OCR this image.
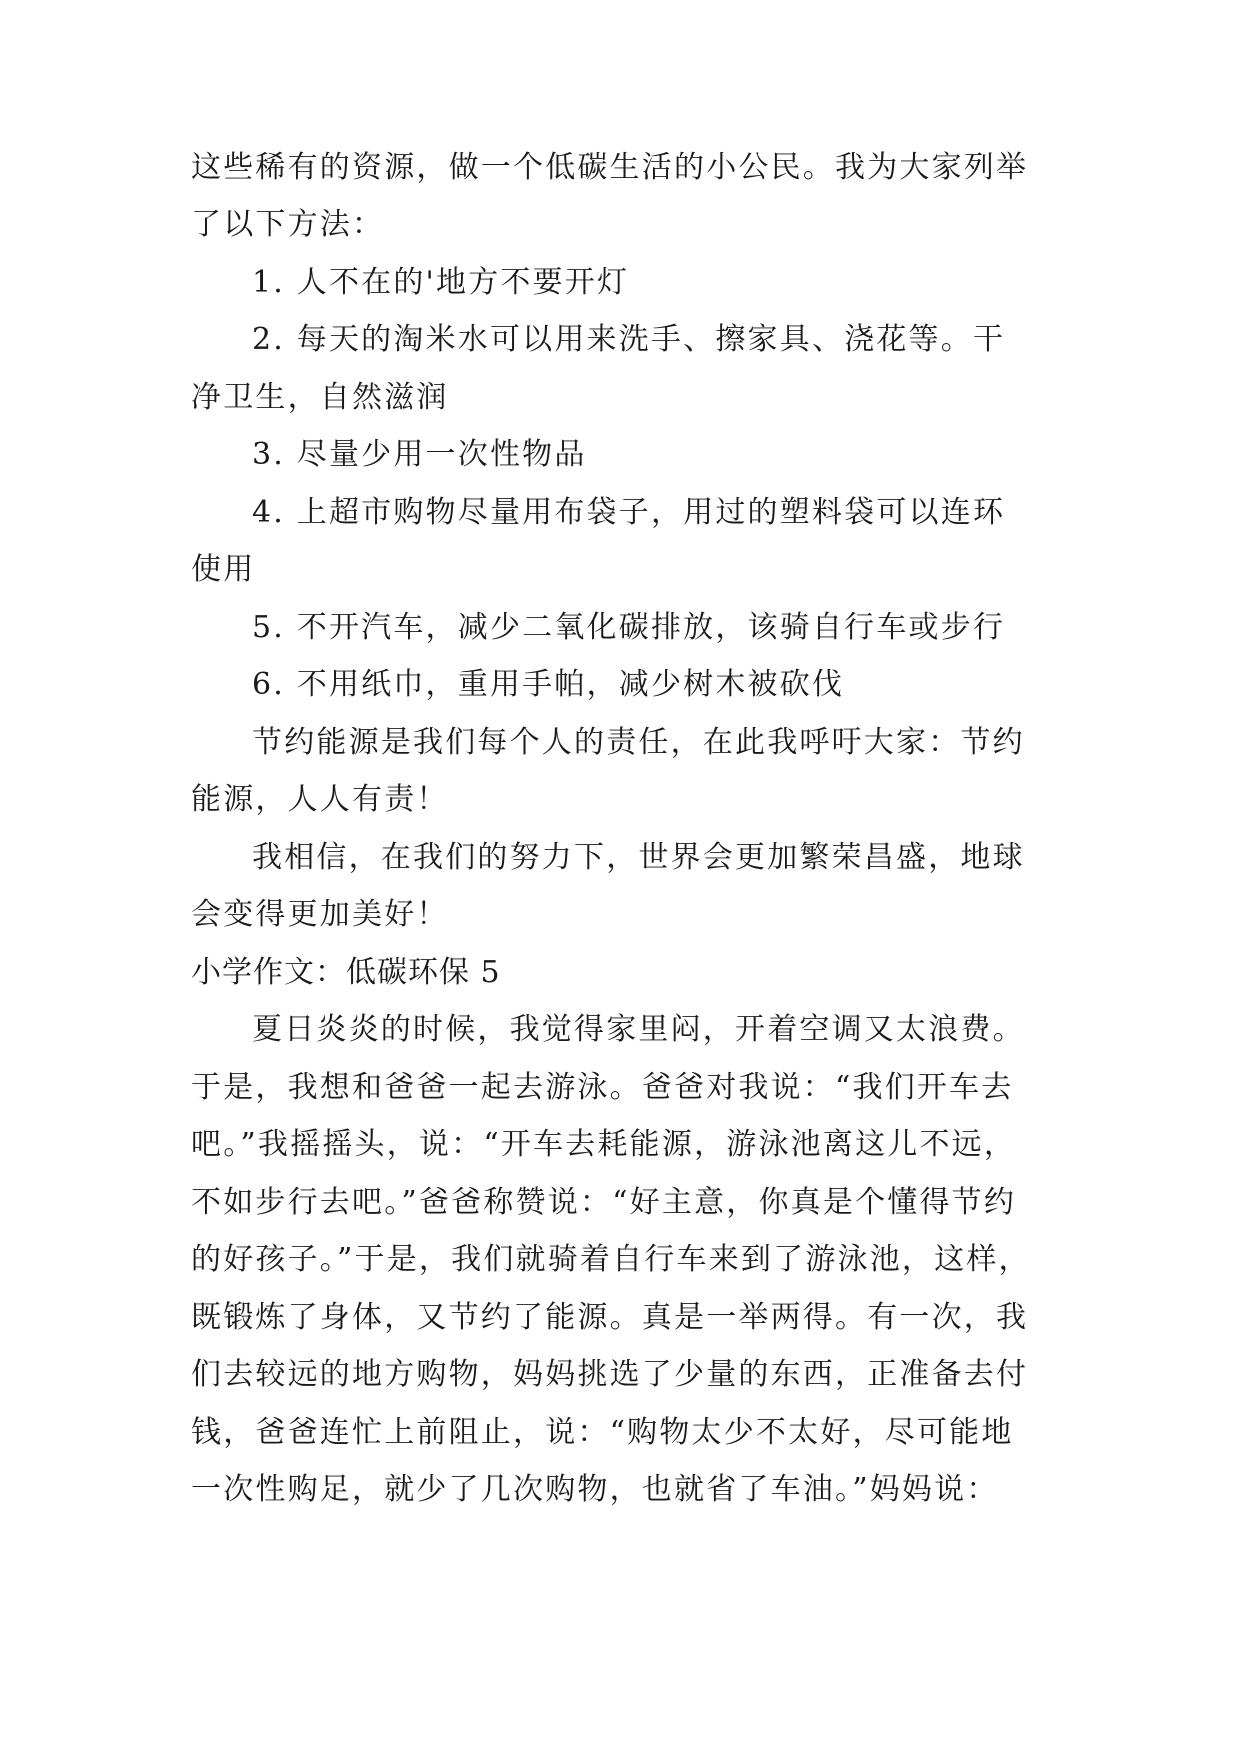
这些稀有的资源，做一个低碳生活的小公民。我为大家列举
了以下方法：
1. 人不在的'地方不要开灯
2. 每天的淘米水可以用来洗手、擦家具、浇花等。干
净卫生，自然滋润
3. 尽量少用一次性物品
4. 上超市购物尽量用布袋子，用过的塑料袋可以连环
使用
5. 不开汽车，减少二氧化碳排放，该骑自行车或步行
6. 不用纸巾，重用手帕，减少树木被砍伐
节约能源是我们每个人的责任，在此我呼吁大家：节约
能源，人人有责！
我相信，在我们的努力下，世界会更加繁荣昌盛，地球
会变得更加美好！
小学作文：低碳环保 5
夏日炎炎的时候，我觉得家里闷，开着空调又太浪费。
于是，我想和爸爸一起去游泳。爸爸对我说：“我们开车去
吧。”我摇摇头，说：“开车去耗能源，游泳池离这儿不远，
不如步行去吧。”爸爸称赞说：“好主意，你真是个懂得节约
的好孩子。”于是，我们就骑着自行车来到了游泳池，这样，
既锻炼了身体，又节约了能源。真是一举两得。有一次，我
们去较远的地方购物，妈妈挑选了少量的东西，正准备去付
钱，爸爸连忙上前阻止，说：“购物太少不太好，尽可能地
一次性购足，就少了几次购物，也就省了车油。”妈妈说：
